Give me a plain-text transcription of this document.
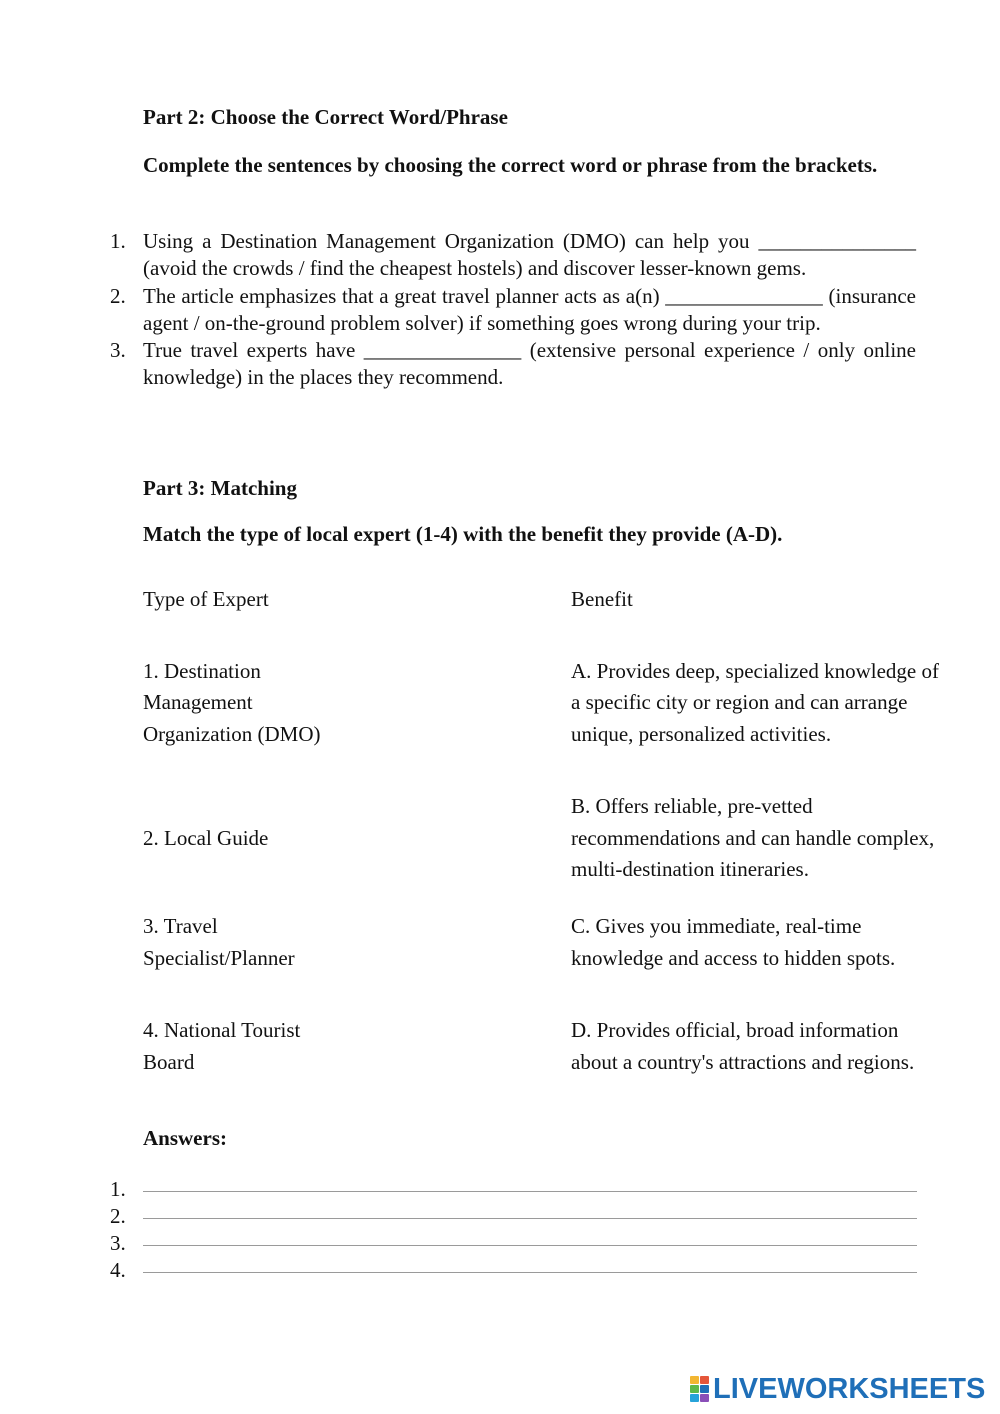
Part 2: Choose the Correct Word/Phrase

Complete the sentences by choosing the correct word or phrase from the brackets.

1. Using a Destination Management Organization (DMO) can help you _______________ (avoid the crowds / find the cheapest hostels) and discover lesser-known gems.
2. The article emphasizes that a great travel planner acts as a(n) _______________ (insurance agent / on-the-ground problem solver) if something goes wrong during your trip.
3. True travel experts have _______________ (extensive personal experience / only online knowledge) in the places they recommend.
Part 3: Matching

Match the type of local expert (1-4) with the benefit they provide (A-D).

Type of Expert	Benefit
1. Destination Management Organization (DMO)
A. Provides deep, specialized knowledge of a specific city or region and can arrange unique, personalized activities.
2. Local Guide
B. Offers reliable, pre-vetted recommendations and can handle complex, multi-destination itineraries.
3. Travel Specialist/Planner
C. Gives you immediate, real-time knowledge and access to hidden spots.
4. National Tourist Board
D. Provides official, broad information about a country's attractions and regions.
Answers:
1.
2.
3.
4.
LIVEWORKSHEETS
